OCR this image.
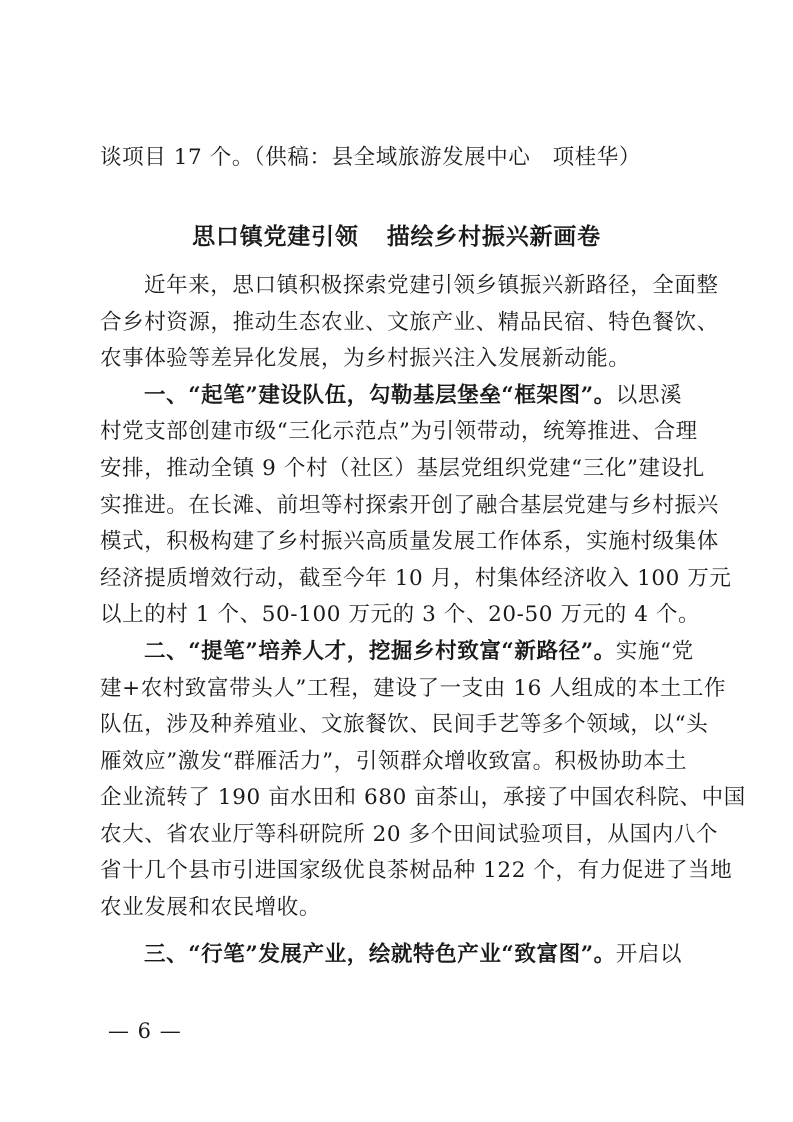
谈项目 17 个。（供稿：县全域旅游发展中心　项桂华）
思口镇党建引领 描绘乡村振兴新画卷
近年来，思口镇积极探索党建引领乡镇振兴新路径，全面整
合乡村资源，推动生态农业、文旅产业、精品民宿、特色餐饮、
农事体验等差异化发展，为乡村振兴注入发展新动能。
一、“起笔”建设队伍，勾勒基层堡垒“框架图”。以思溪
村党支部创建市级“三化示范点”为引领带动，统筹推进、合理
安排，推动全镇 9 个村（社区）基层党组织党建“三化”建设扎
实推进。在长滩、前坦等村探索开创了融合基层党建与乡村振兴
模式，积极构建了乡村振兴高质量发展工作体系，实施村级集体
经济提质增效行动，截至今年 10 月，村集体经济收入 100 万元
以上的村 1 个、50-100 万元的 3 个、20-50 万元的 4 个。
二、“提笔”培养人才，挖掘乡村致富“新路径”。实施“党
建+农村致富带头人”工程，建设了一支由 16 人组成的本土工作
队伍，涉及种养殖业、文旅餐饮、民间手艺等多个领域，以“头
雁效应”激发“群雁活力”，引领群众增收致富。积极协助本土
企业流转了 190 亩水田和 680 亩茶山，承接了中国农科院、中国
农大、省农业厅等科研院所 20 多个田间试验项目，从国内八个
省十几个县市引进国家级优良茶树品种 122 个，有力促进了当地
农业发展和农民增收。
三、“行笔”发展产业，绘就特色产业“致富图”。开启以
— 6 —
